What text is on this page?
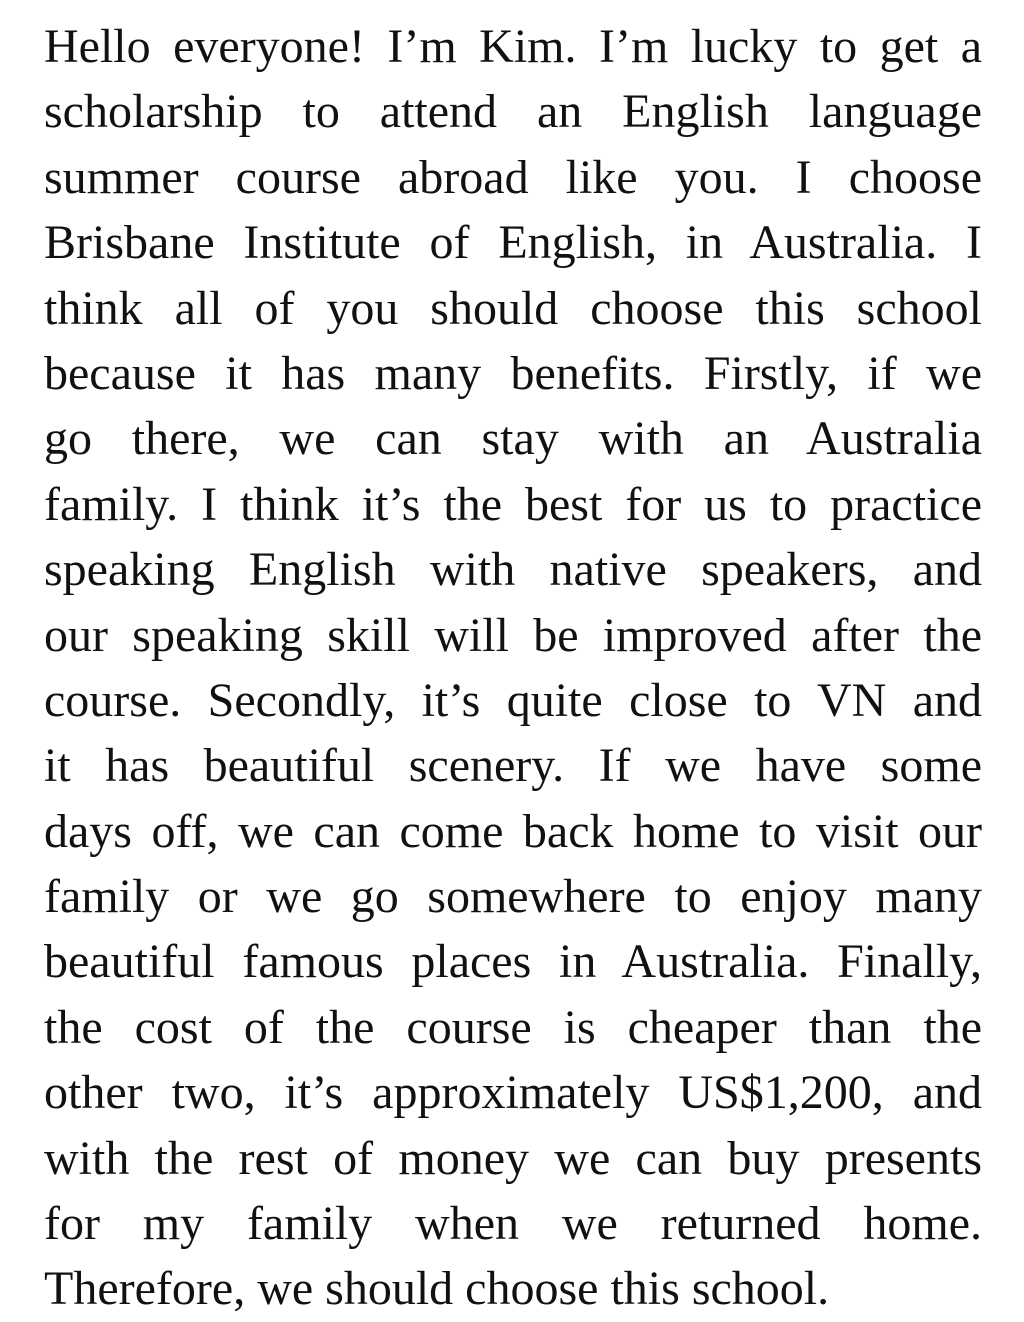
Hello everyone! I’m Kim. I’m lucky to get a
scholarship to attend an English language
summer course abroad like you. I choose
Brisbane Institute of English, in Australia. I
think all of you should choose this school
because it has many benefits. Firstly, if we
go there, we can stay with an Australia
family. I think it’s the best for us to practice
speaking English with native speakers, and
our speaking skill will be improved after the
course. Secondly, it’s quite close to VN and
it has beautiful scenery. If we have some
days off, we can come back home to visit our
family or we go somewhere to enjoy many
beautiful famous places in Australia. Finally,
the cost of the course is cheaper than the
other two, it’s approximately US$1,200, and
with the rest of money we can buy presents
for my family when we returned home.
Therefore, we should choose this school.
